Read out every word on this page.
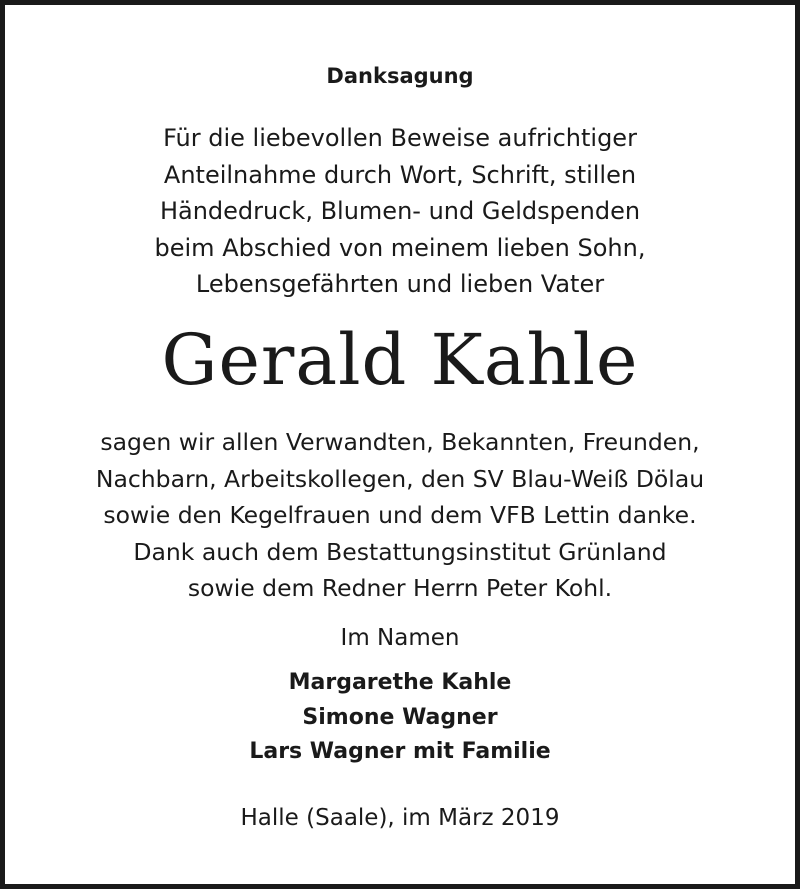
Danksagung
Für die liebevollen Beweise aufrichtiger
Anteilnahme durch Wort, Schrift, stillen
Händedruck, Blumen- und Geldspenden
beim Abschied von meinem lieben Sohn,
Lebensgefährten und lieben Vater
Gerald Kahle
sagen wir allen Verwandten, Bekannten, Freunden,
Nachbarn, Arbeitskollegen, den SV Blau-Weiß Dölau
sowie den Kegelfrauen und dem VFB Lettin danke.
Dank auch dem Bestattungsinstitut Grünland
sowie dem Redner Herrn Peter Kohl.
Im Namen
Margarethe Kahle
Simone Wagner
Lars Wagner mit Familie
Halle (Saale), im März 2019
